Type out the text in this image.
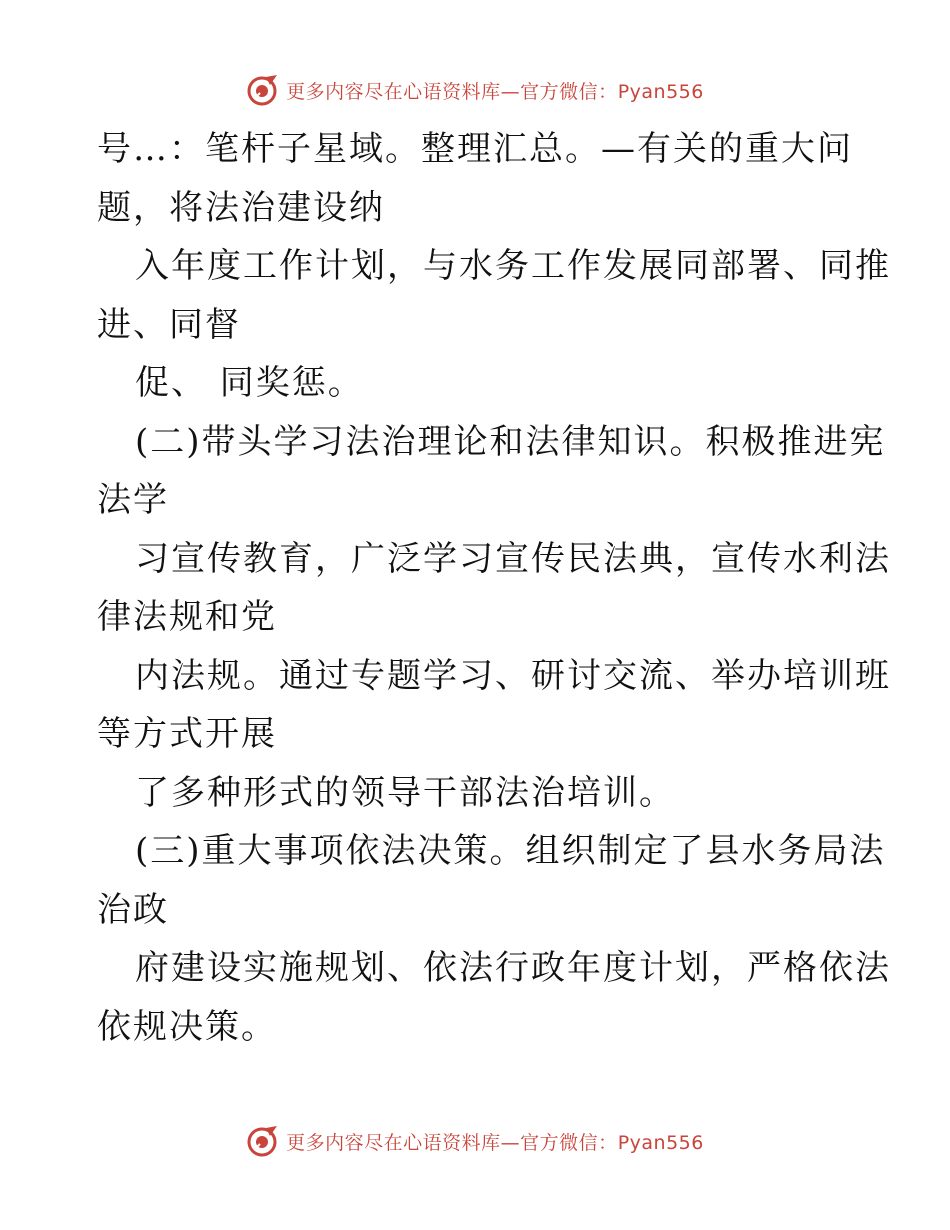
更多内容尽在心语资料库—官方微信：Pyan556
号…：笔杆子星域。整理汇总。—有关的重大问
题，将法治建设纳
入年度工作计划，与水务工作发展同部署、同推
进、同督
促、 同奖惩。
(二)带头学习法治理论和法律知识。积极推进宪
法学
习宣传教育，广泛学习宣传民法典，宣传水利法
律法规和党
内法规。通过专题学习、研讨交流、举办培训班
等方式开展
了多种形式的领导干部法治培训。
(三)重大事项依法决策。组织制定了县水务局法
治政
府建设实施规划、依法行政年度计划，严格依法
依规决策。
更多内容尽在心语资料库—官方微信：Pyan556
